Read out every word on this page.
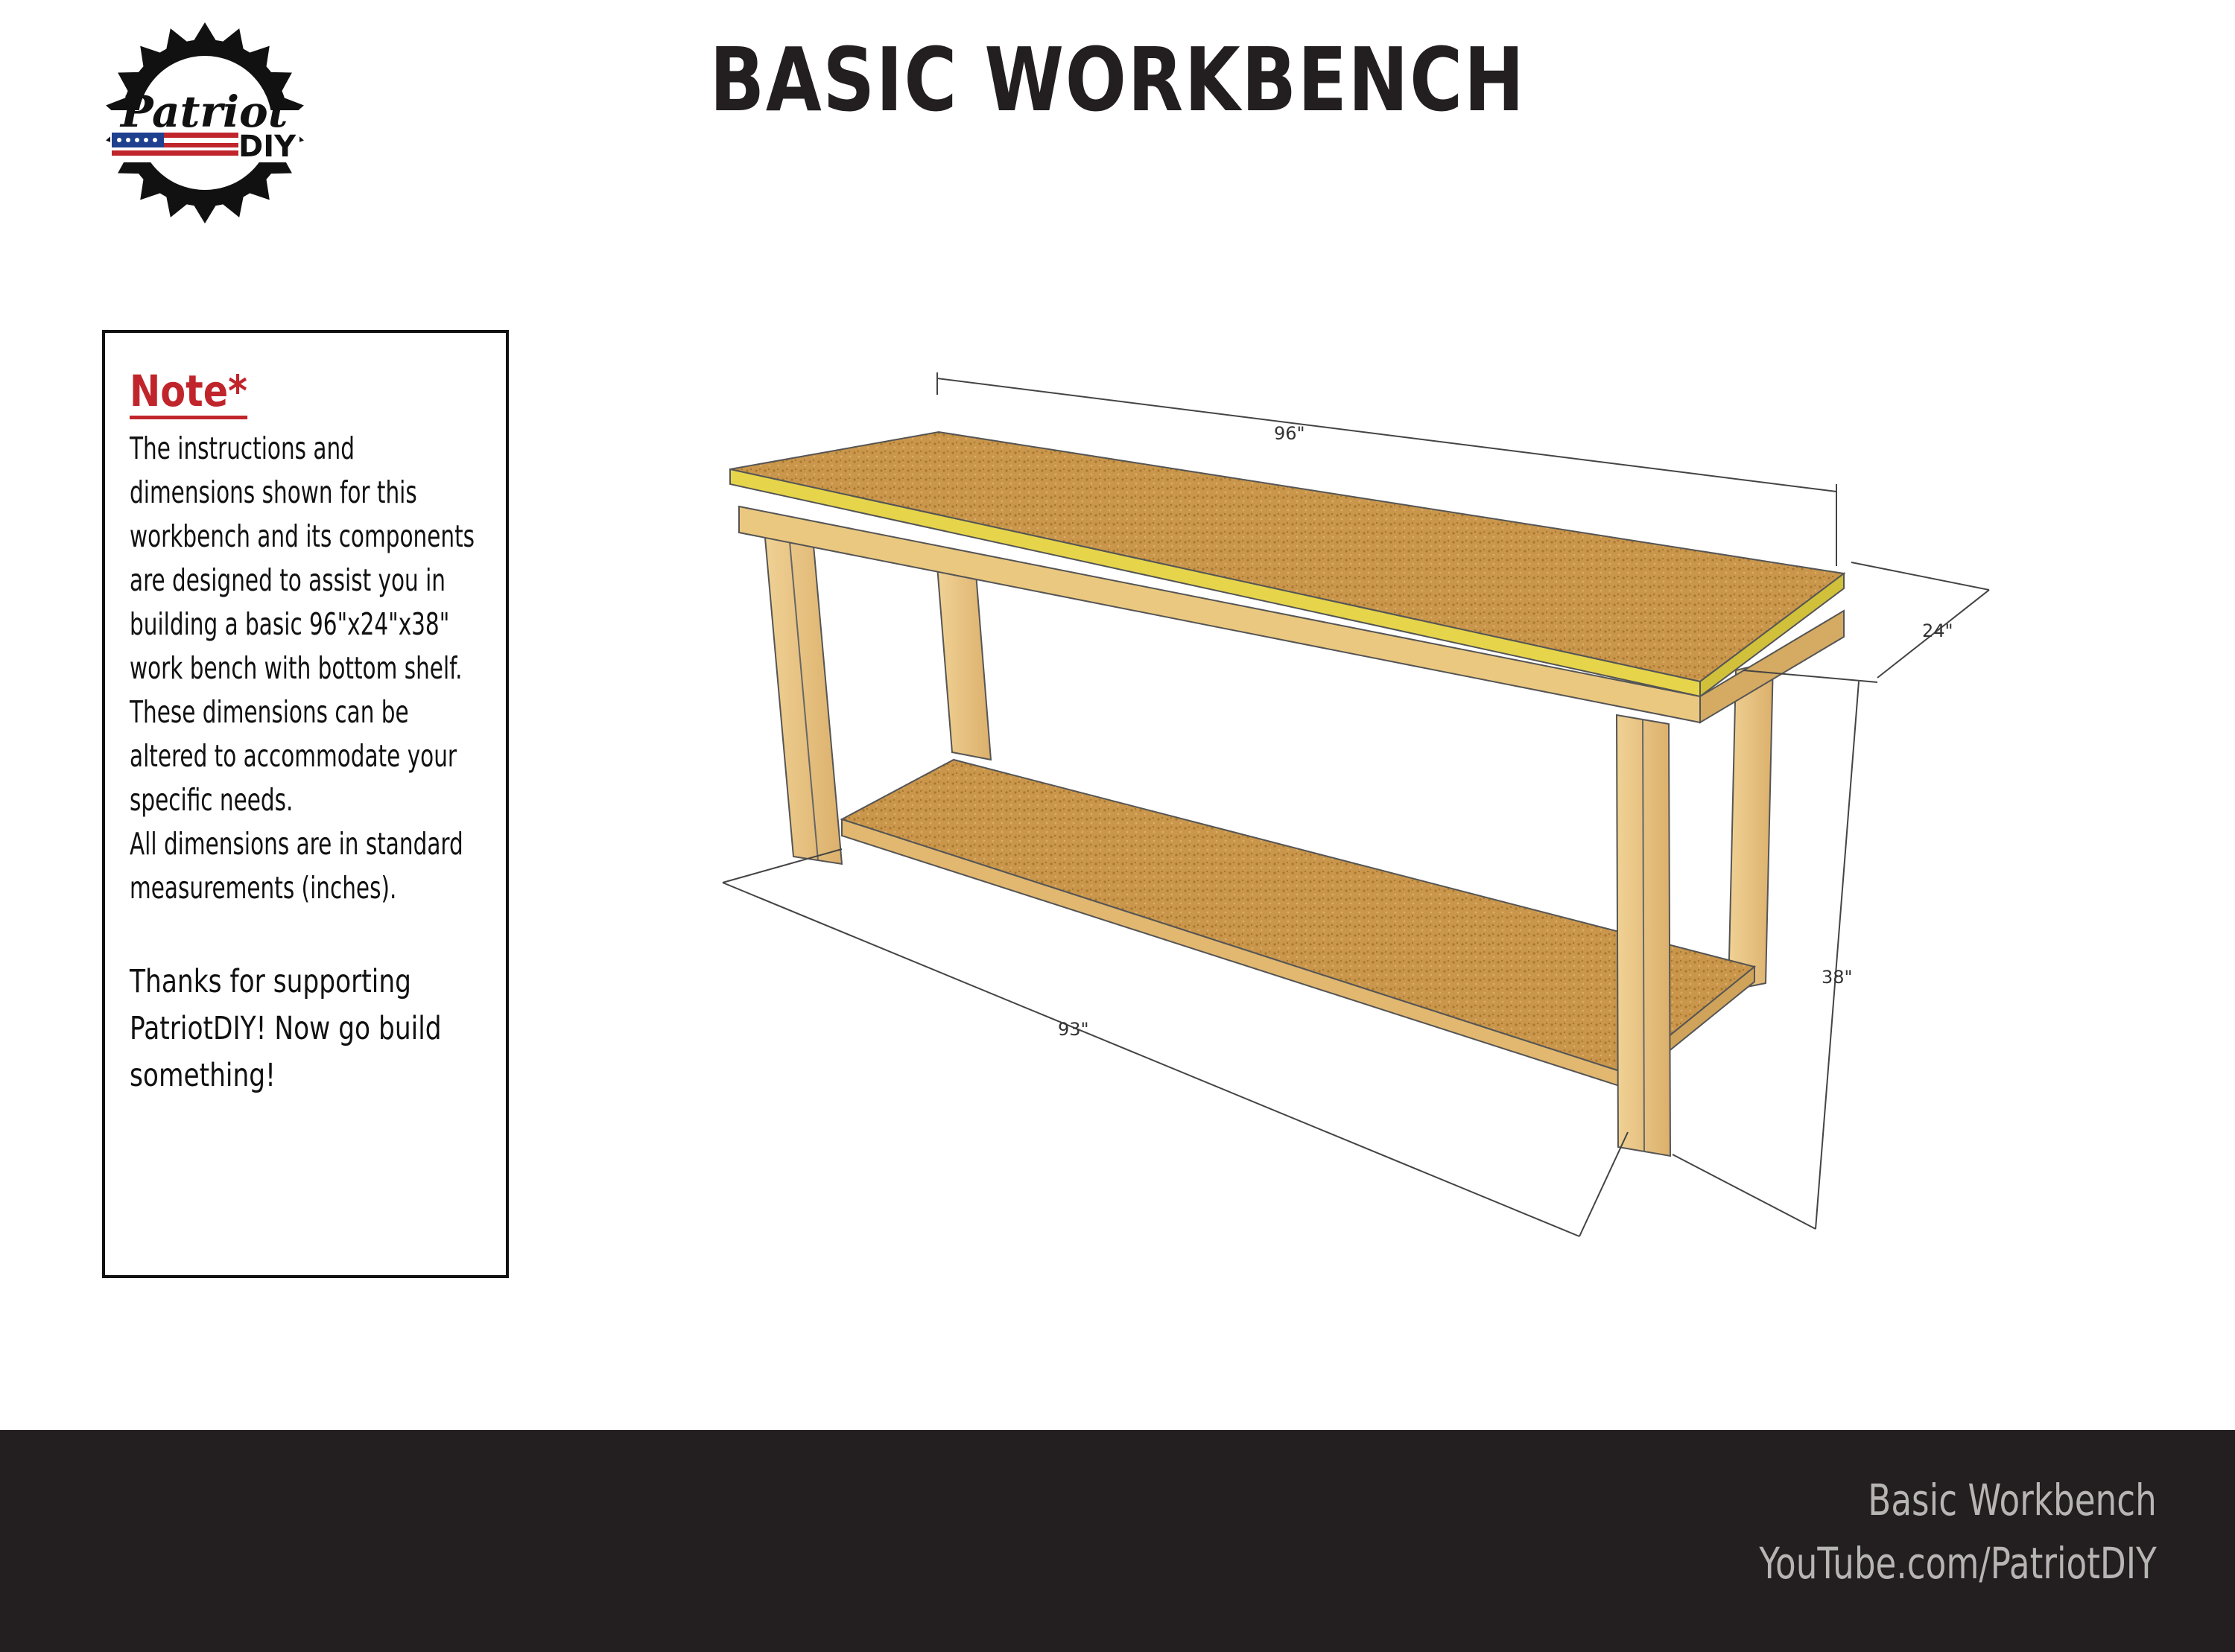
Patriot
DIY
BASIC WORKBENCH
Note*
The instructions and
dimensions shown for this
workbench and its components
are designed to assist you in
building a basic 96"x24"x38"
work bench with bottom shelf.
These dimensions can be
altered to accommodate your
specific needs.
All dimensions are in standard
measurements (inches).
Thanks for supporting
PatriotDIY! Now go build
something!
96"
24"
38"
93"
Basic Workbench
YouTube.com/PatriotDIY
